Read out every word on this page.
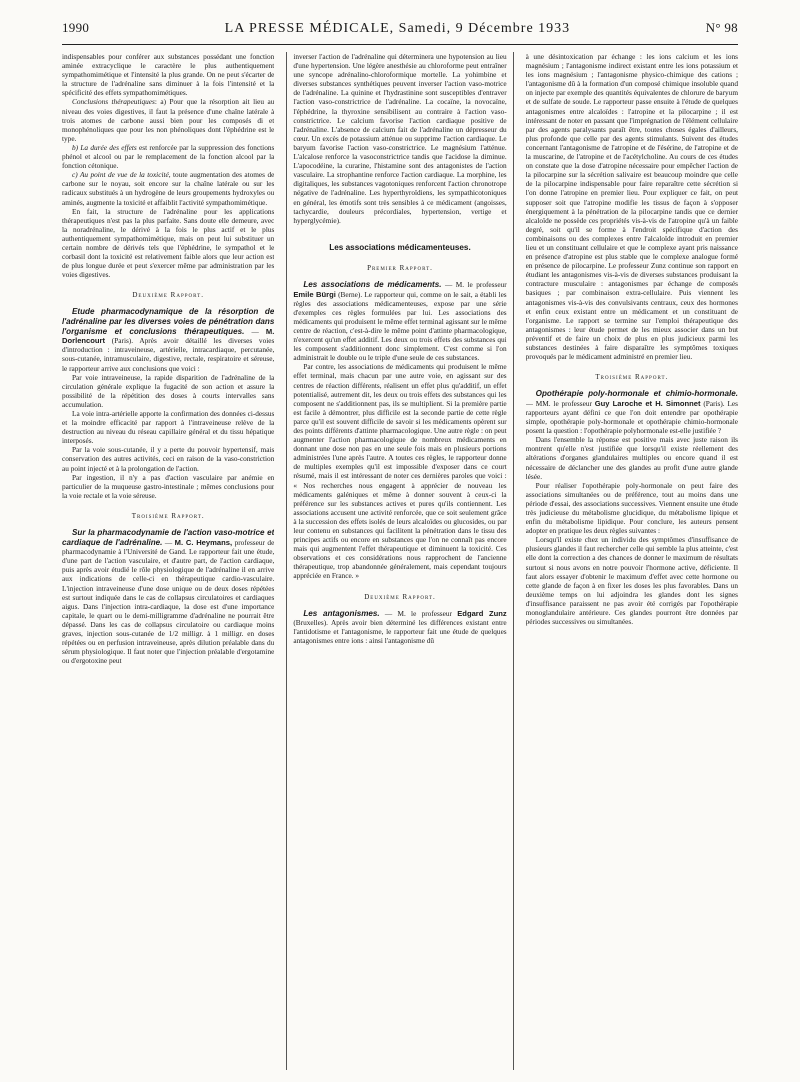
1990	LA PRESSE MÉDICALE, Samedi, 9 Décembre 1933	N° 98

indispensables pour conférer aux substances possédant une fonction aminée extracyclique le caractère le plus authentiquement sympathomimétique et l'intensité la plus grande. On ne peut s'écarter de la structure de l'adrénaline sans diminuer à la fois l'intensité et la spécificité des effets sympathomimétiques.

Conclusions thérapeutiques: a) Pour que la résorption ait lieu au niveau des voies digestives, il faut la présence d'une chaîne latérale à trois atomes de carbone aussi bien pour les composés di et monophénoliques que pour les non phénoliques dont l'éphédrine est le type.

b) La durée des effets est renforcée par la suppression des fonctions phénol et alcool ou par le remplacement de la fonction alcool par la fonction cétonique.

c) Au point de vue de la toxicité, toute augmentation des atomes de carbone sur le noyau, soit encore sur la chaîne latérale ou sur les radicaux substitués à un hydrogène de leurs groupements hydroxyles ou aminés, augmente la toxicité et affaiblit l'activité sympathomimétique.

En fait, la structure de l'adrénaline pour les applications thérapeutiques n'est pas la plus parfaite. Sans doute elle demeure, avec la noradrénaline, le dérivé à la fois le plus actif et le plus authentiquement sympathomimétique, mais on peut lui substituer un certain nombre de dérivés tels que l'éphédrine, le sympathol et le corbasil dont la toxicité est relativement faible alors que leur action est de plus longue durée et peut s'exercer même par administration par les voies digestives.

Deuxième Rapport.

Etude pharmacodynamique de la résorption de l'adrénaline par les diverses voies de pénétration dans l'organisme et conclusions thérapeutiques. — M. Dorlencourt (Paris). Après avoir détaillé les diverses voies d'introduction : intraveineuse, artérielle, intracardiaque, percutanée, sous-cutanée, intramusculaire, digestive, rectale, respiratoire et séreuse, le rapporteur arrive aux conclusions que voici :

Par voie intraveineuse, la rapide disparition de l'adrénaline de la circulation générale explique la fugacité de son action et assure la possibilité de la répétition des doses à courts intervalles sans accumulation.

La voie intra-artérielle apporte la confirmation des données ci-dessus et la moindre efficacité par rapport à l'intraveineuse relève de la destruction au niveau du réseau capillaire général et du tissu hépatique interposés.

Par la voie sous-cutanée, il y a perte du pouvoir hypertensif, mais conservation des autres activités, ceci en raison de la vaso-constriction au point injecté et à la prolongation de l'action.

Par ingestion, il n'y a pas d'action vasculaire par anémie en particulier de la muqueuse gastro-intestinale ; mêmes conclusions pour la voie rectale et la voie séreuse.

Troisième Rapport.

Sur la pharmacodynamie de l'action vaso-motrice et cardiaque de l'adrénaline. — M. C. Heymans, professeur de pharmacodynamie à l'Université de Gand. Le rapporteur fait une étude, d'une part de l'action vasculaire, et d'autre part, de l'action cardiaque, puis après avoir étudié le rôle physiologique de l'adrénaline il en arrive aux indications de celle-ci en thérapeutique cardio-vasculaire. L'injection intraveineuse d'une dose unique ou de deux doses répétées est surtout indiquée dans le cas de collapsus circulatoires et cardiaques aigus. Dans l'injection intra-cardiaque, la dose est d'une importance capitale, le quart ou le demi-milligramme d'adrénaline ne pourrait être dépassé. Dans les cas de collapsus circulatoire ou cardiaque moins graves, injection sous-cutanée de 1/2 milligr. à 1 milligr. en doses répétées ou en perfusion intraveineuse, après dilution préalable dans du sérum physiologique. Il faut noter que l'injection préalable d'ergotamine ou d'ergotoxine peut

inverser l'action de l'adrénaline qui déterminera une hypotension au lieu d'une hypertension. Une légère anesthésie au chloroforme peut entraîner une syncope adrénalino-chloroformique mortelle. La yohimbine et diverses substances synthétiques peuvent inverser l'action vaso-motrice de l'adrénaline. La quinine et l'hydrastinine sont susceptibles d'entraver l'action vaso-constrictrice de l'adrénaline. La cocaïne, la novocaïne, l'éphédrine, la thyroxine sensibilisent au contraire à l'action vaso-constrictrice. Le calcium favorise l'action cardiaque positive de l'adrénaline. L'absence de calcium fait de l'adrénaline un dépresseur du cœur. Un excès de potassium atténue ou supprime l'action cardiaque. Le baryum favorise l'action vaso-constrictrice. Le magnésium l'atténue. L'alcalose renforce la vasoconstrictrice tandis que l'acidose la diminue. L'apocodéine, la curarine, l'histamine sont des antagonistes de l'action vasculaire. La strophantine renforce l'action cardiaque. La morphine, les digitaliques, les substances vagotoniques renforcent l'action chronotrope négative de l'adrénaline. Les hyperthyroïdiens, les sympathicotoniques en général, les émotifs sont très sensibles à ce médicament (angoisses, tachycardie, douleurs précordiales, hypertension, vertige et hyperglycémie).

Les associations médicamenteuses.
Premier Rapport.

Les associations de médicaments. — M. le professeur Emile Bürgi (Berne). Le rapporteur qui, comme on le sait, a établi les règles des associations médicamenteuses, expose par une série d'exemples ces règles formulées par lui. Les associations des médicaments qui produisent le même effet terminal agissant sur le même centre de réaction, c'est-à-dire le même point d'attinte pharmacologique, n'exercent qu'un effet additif. Les deux ou trois effets des substances qui les composent s'additionnent donc simplement. C'est comme si l'on administrait le double ou le triple d'une seule de ces substances.

Par contre, les associations de médicaments qui produisent le même effet terminal, mais chacun par une autre voie, en agissant sur des centres de réaction différents, réalisent un effet plus qu'additif, un effet potentialisé, autrement dit, les deux ou trois effets des substances qui les composent ne s'additionnent pas, ils se multiplient. Si la première partie est facile à démontrer, plus difficile est la seconde partie de cette règle parce qu'il est souvent difficile de savoir si les médicaments opèrent sur des points différents d'attinte pharmacologique. Une autre règle : on peut augmenter l'action pharmacologique de nombreux médicaments en donnant une dose non pas en une seule fois mais en plusieurs portions administrées l'une après l'autre. A toutes ces règles, le rapporteur donne de multiples exemples qu'il est impossible d'exposer dans ce court résumé, mais il est intéressant de noter ces dernières paroles que voici : « Nos recherches nous engagent à apprécier de nouveau les médicaments galéniques et même à donner souvent à ceux-ci la préférence sur les substances actives et pures qu'ils contiennent. Les associations accusent une activité renforcée, que ce soit seulement grâce à la succession des effets isolés de leurs alcaloïdes ou glucosides, ou par leur contenu en substances qui facilitent la pénétration dans le tissu des principes actifs ou encore en substances que l'on ne connaît pas encore mais qui augmentent l'effet thérapeutique et diminuent la toxicité. Ces observations et ces considérations nous rapprochent de l'ancienne thérapeutique, trop abandonnée généralement, mais cependant toujours appréciée en France. »

Deuxième Rapport.

Les antagonismes. — M. le professeur Edgard Zunz (Bruxelles). Après avoir bien déterminé les différences existant entre l'antidotisme et l'antagonisme, le rapporteur fait une étude de quelques antagonismes entre ions : ainsi l'antagonisme dû

à une désintoxication par échange : les ions calcium et les ions magnésium ; l'antagonisme indirect existant entre les ions potassium et les ions magnésium ; l'antagonisme physico-chimique des cations ; l'antagonisme dû à la formation d'un composé chimique insoluble quand on injecte par exemple des quantités équivalentes de chlorure de baryum et de sulfate de soude. Le rapporteur passe ensuite à l'étude de quelques antagonismes entre alcaloïdes : l'atropine et la pilocarpine ; il est intéressant de noter en passant que l'imprégnation de l'élément cellulaire par des agents paralysants paraît être, toutes choses égales d'ailleurs, plus profonde que celle par des agents stimulants. Suivent des études concernant l'antagonisme de l'atropine et de l'ésérine, de l'atropine et de la muscarine, de l'atropine et de l'acétylcholine. Au cours de ces études on constate que la dose d'atropine nécessaire pour empêcher l'action de la pilocarpine sur la sécrétion salivaire est beaucoup moindre que celle de la pilocarpine indispensable pour faire reparaître cette sécrétion si l'on donne l'atropine en premier lieu. Pour expliquer ce fait, on peut supposer soit que l'atropine modifie les tissus de façon à s'opposer énergiquement à la pénétration de la pilocarpine tandis que ce dernier alcaloïde ne possède ces propriétés vis-à-vis de l'atropine qu'à un faible degré, soit qu'il se forme à l'endroit spécifique d'action des combinaisons ou des complexes entre l'alcaloïde introduit en premier lieu et un constituant cellulaire et que le complexe ayant pris naissance en présence d'atropine est plus stable que le complexe analogue formé en présence de pilocarpine. Le professeur Zunz continue son rapport en étudiant les antagonismes vis-à-vis de diverses substances produisant la contracture musculaire : antagonismes par échange de composés basiques ; par combinaison extra-cellulaire. Puis viennent les antagonismes vis-à-vis des convulsivants centraux, ceux des hormones et enfin ceux existant entre un médicament et un constituant de l'organisme. Le rapport se termine sur l'emploi thérapeutique des antagonismes : leur étude permet de les mieux associer dans un but préventif et de faire un choix de plus en plus judicieux parmi les substances destinées à faire disparaître les symptômes toxiques provoqués par le médicament administré en premier lieu.

Troisième Rapport.

Opothérapie poly-hormonale et chimio-hormonale. — MM. le professeur Guy Laroche et H. Simonnet (Paris). Les rapporteurs ayant défini ce que l'on doit entendre par opothérapie simple, opothérapie poly-hormonale et opothérapie chimio-hormonale posent la question : l'opothérapie polyhormonale est-elle justifiée ?

Dans l'ensemble la réponse est positive mais avec juste raison ils montrent qu'elle n'est justifiée que lorsqu'il existe réellement des altérations d'organes glandulaires multiples ou encore quand il est nécessaire de déclancher une des glandes au profit d'une autre glande lésée.

Pour réaliser l'opothérapie poly-hormonale on peut faire des associations simultanées ou de préférence, tout au moins dans une période d'essai, des associations successives. Viennent ensuite une étude très judicieuse du métabolisme glucidique, du métabolisme lipique et enfin du métabolisme lipidique. Pour conclure, les auteurs pensent adopter en pratique les deux règles suivantes :

Lorsqu'il existe chez un individu des symptômes d'insuffisance de plusieurs glandes il faut rechercher celle qui semble la plus atteinte, c'est elle dont la correction a des chances de donner le maximum de résultats surtout si nous avons en notre pouvoir l'hormone active, déficiente. Il faut alors essayer d'obtenir le maximum d'effet avec cette hormone ou cette glande de façon à en fixer les doses les plus favorables. Dans un deuxième temps on lui adjoindra les glandes dont les signes d'insuffisance paraissent ne pas avoir été corrigés par l'opothérapie monoglandulaire antérieure. Ces glandes pourront être données par périodes successives ou simultanées.
